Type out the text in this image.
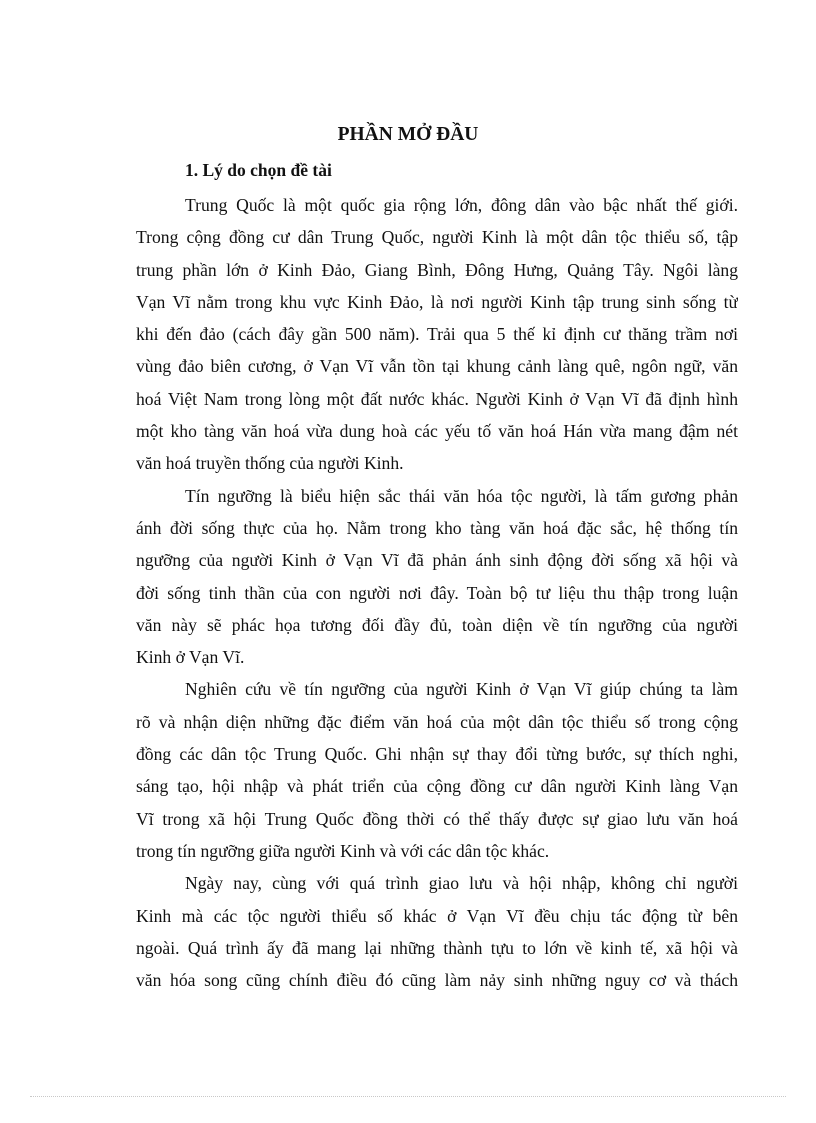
PHẦN MỞ ĐẦU
1. Lý do chọn đề tài
Trung Quốc là một quốc gia rộng lớn, đông dân vào bậc nhất thế giới.
Trong cộng đồng cư dân Trung Quốc, người Kinh là một dân tộc thiểu số, tập
trung phần lớn ở Kinh Đảo, Giang Bình, Đông Hưng, Quảng Tây. Ngôi làng
Vạn Vĩ nằm trong khu vực Kinh Đảo, là nơi người Kinh tập trung sinh sống từ
khi đến đảo (cách đây gần 500 năm). Trải qua 5 thế kỉ định cư thăng trầm nơi
vùng đảo biên cương, ở Vạn Vĩ vẫn tồn tại khung cảnh làng quê, ngôn ngữ, văn
hoá Việt Nam trong lòng một đất nước khác. Người Kinh ở Vạn Vĩ đã định hình
một kho tàng văn hoá vừa dung hoà các yếu tố văn hoá Hán vừa mang đậm nét
văn hoá truyền thống của người Kinh.
Tín ngưỡng là biểu hiện sắc thái văn hóa tộc người, là tấm gương phản
ánh đời sống thực của họ. Nằm trong kho tàng văn hoá đặc sắc, hệ thống tín
ngưỡng của người Kinh ở Vạn Vĩ đã phản ánh sinh động đời sống xã hội và
đời sống tinh thần của con người nơi đây. Toàn bộ tư liệu thu thập trong luận
văn này sẽ phác họa tương đối đầy đủ, toàn diện về tín ngưỡng của người
Kinh ở Vạn Vĩ.
Nghiên cứu về tín ngưỡng của người Kinh ở Vạn Vĩ giúp chúng ta làm
rõ và nhận diện những đặc điểm văn hoá của một dân tộc thiểu số trong cộng
đồng các dân tộc Trung Quốc. Ghi nhận sự thay đổi từng bước, sự thích nghi,
sáng tạo, hội nhập và phát triển của cộng đồng cư dân người Kinh làng Vạn
Vĩ trong xã hội Trung Quốc đồng thời có thể thấy được sự giao lưu văn hoá
trong tín ngưỡng giữa người Kinh và với các dân tộc khác.
Ngày nay, cùng với quá trình giao lưu và hội nhập, không chỉ người
Kinh mà các tộc người thiểu số khác ở Vạn Vĩ đều chịu tác động từ bên
ngoài. Quá trình ấy đã mang lại những thành tựu to lớn về kinh tế, xã hội và
văn hóa song cũng chính điều đó cũng làm nảy sinh những nguy cơ và thách
